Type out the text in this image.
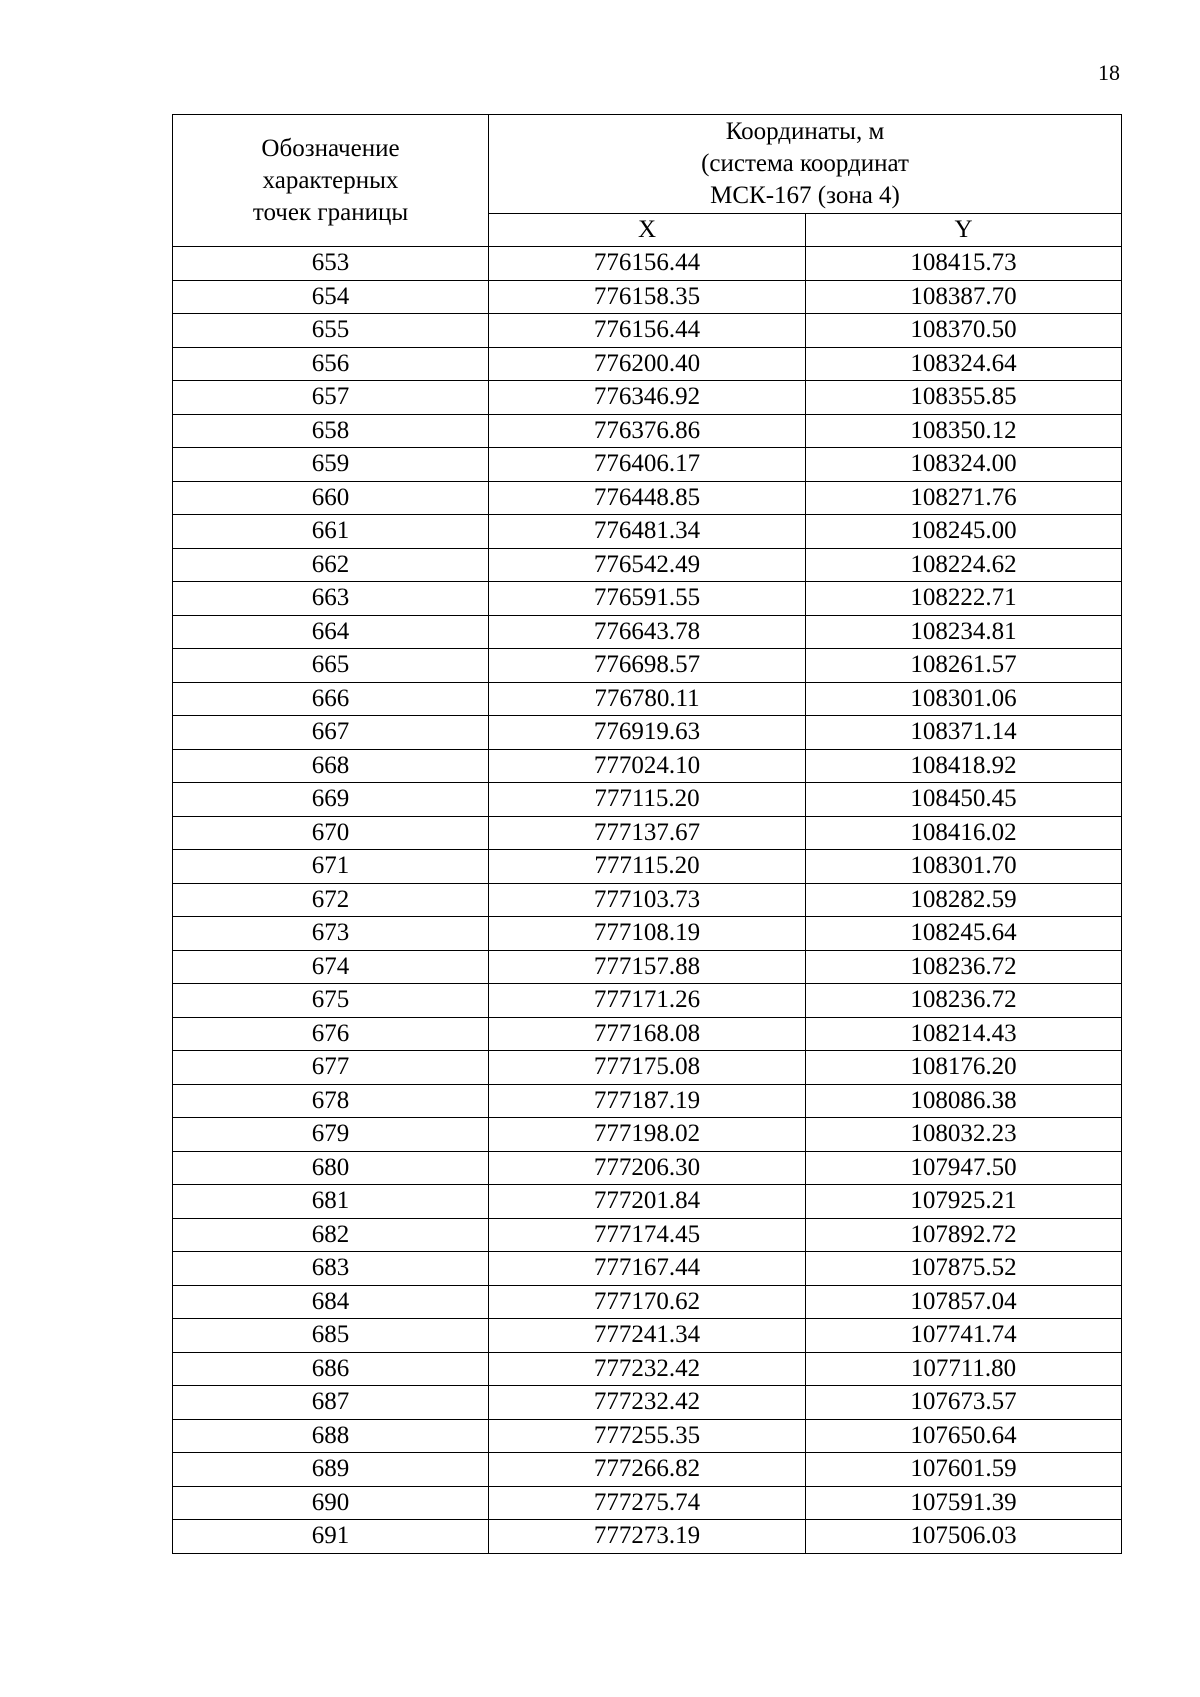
18
Обозначение
характерных
точек границы	Координаты, м
(система координат
МСК-167 (зона 4)	

	X	Y
653	776156.44	108415.73
654	776158.35	108387.70
655	776156.44	108370.50
656	776200.40	108324.64
657	776346.92	108355.85
658	776376.86	108350.12
659	776406.17	108324.00
660	776448.85	108271.76
661	776481.34	108245.00
662	776542.49	108224.62
663	776591.55	108222.71
664	776643.78	108234.81
665	776698.57	108261.57
666	776780.11	108301.06
667	776919.63	108371.14
668	777024.10	108418.92
669	777115.20	108450.45
670	777137.67	108416.02
671	777115.20	108301.70
672	777103.73	108282.59
673	777108.19	108245.64
674	777157.88	108236.72
675	777171.26	108236.72
676	777168.08	108214.43
677	777175.08	108176.20
678	777187.19	108086.38
679	777198.02	108032.23
680	777206.30	107947.50
681	777201.84	107925.21
682	777174.45	107892.72
683	777167.44	107875.52
684	777170.62	107857.04
685	777241.34	107741.74
686	777232.42	107711.80
687	777232.42	107673.57
688	777255.35	107650.64
689	777266.82	107601.59
690	777275.74	107591.39
691	777273.19	107506.03
